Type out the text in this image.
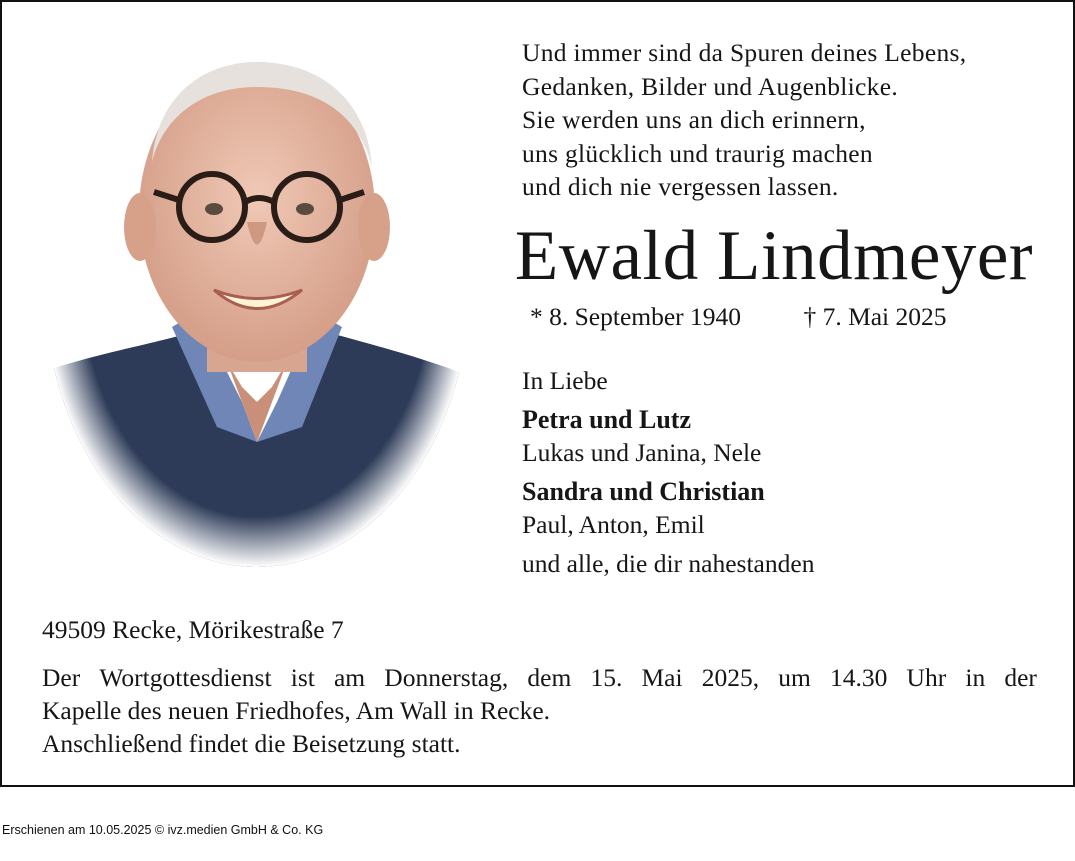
Und immer sind da Spuren deines Lebens,
Gedanken, Bilder und Augenblicke.
Sie werden uns an dich erinnern,
uns glücklich und traurig machen
und dich nie vergessen lassen.
Ewald Lindmeyer
* 8. September 1940 † 7. Mai 2025
In Liebe
Petra und Lutz
Lukas und Janina, Nele
Sandra und Christian
Paul, Anton, Emil
und alle, die dir nahestanden
49509 Recke, Mörikestraße 7
Der Wortgottesdienst ist am Donnerstag, dem 15. Mai 2025, um 14.30 Uhr in der
Kapelle des neuen Friedhofes, Am Wall in Recke.
Anschließend findet die Beisetzung statt.
Erschienen am 10.05.2025 © ivz.medien GmbH & Co. KG
